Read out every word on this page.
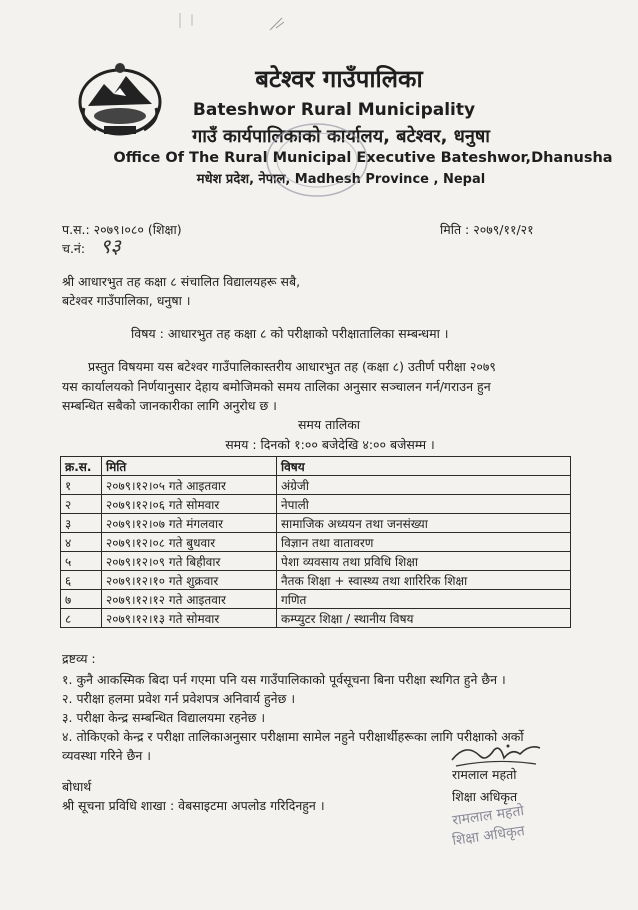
बटेश्वर गाउँपालिका
Bateshwor Rural Municipality
गाउँ कार्यपालिकाको कार्यालय, बटेश्वर, धनुषा
Office Of The Rural Municipal Executive Bateshwor,Dhanusha
मधेश प्रदेश, नेपाल, Madhesh Province , Nepal
प.स.: २०७९।०८० (शिक्षा)	मिति : २०७९/११/२१
च.नं: ९३
श्री आधारभुत तह कक्षा ८ संचालित विद्यालयहरू सबै,
बटेश्वर गाउँपालिका, धनुषा ।
विषय : आधारभुत तह कक्षा ८ को परीक्षाको परीक्षातालिका सम्बन्धमा ।
प्रस्तुत विषयमा यस बटेश्वर गाउँपालिकास्तरीय आधारभुत तह (कक्षा ८) उतीर्ण परीक्षा २०७९
यस कार्यालयको निर्णयानुसार देहाय बमोजिमको समय तालिका अनुसार सञ्चालन गर्न/गराउन हुन
सम्बन्धित सबैको जानकारीका लागि अनुरोध छ ।
समय तालिका
समय : दिनको १:०० बजेदेखि ४:०० बजेसम्म ।
क्र.स.	मिति	विषय
१	२०७९।१२।०५ गते आइतवार	अंग्रेजी
२	२०७९।१२।०६ गते सोमवार	नेपाली
३	२०७९।१२।०७ गते मंगलवार	सामाजिक अध्ययन तथा जनसंख्या
४	२०७९।१२।०८ गते बुधवार	विज्ञान तथा वातावरण
५	२०७९।१२।०९ गते बिहीवार	पेशा व्यवसाय तथा प्रविधि शिक्षा
६	२०७९।१२।१० गते शुक्रवार	नैतक शिक्षा + स्वास्थ्य तथा शारिरिक शिक्षा
७	२०७९।१२।१२ गते आइतवार	गणित
८	२०७९।१२।१३ गते सोमवार	कम्प्युटर शिक्षा / स्थानीय विषय
द्रष्टव्य :
१. कुनै आकस्मिक बिदा पर्न गएमा पनि यस गाउँपालिकाको पूर्वसूचना बिना परीक्षा स्थगित हुने छैन ।
२. परीक्षा हलमा प्रवेश गर्न प्रवेशपत्र अनिवार्य हुनेछ ।
३. परीक्षा केन्द्र सम्बन्धित विद्यालयमा रहनेछ ।
४. तोकिएको केन्द्र र परीक्षा तालिकाअनुसार परीक्षामा सामेल नहुने परीक्षार्थीहरूका लागि परीक्षाको अर्को
व्यवस्था गरिने छैन ।
रामलाल महतो
शिक्षा अधिकृत
रामलाल महतो
शिक्षा अधिकृत
बोधार्थ
श्री सूचना प्रविधि शाखा : वेबसाइटमा अपलोड गरिदिनहुन ।
